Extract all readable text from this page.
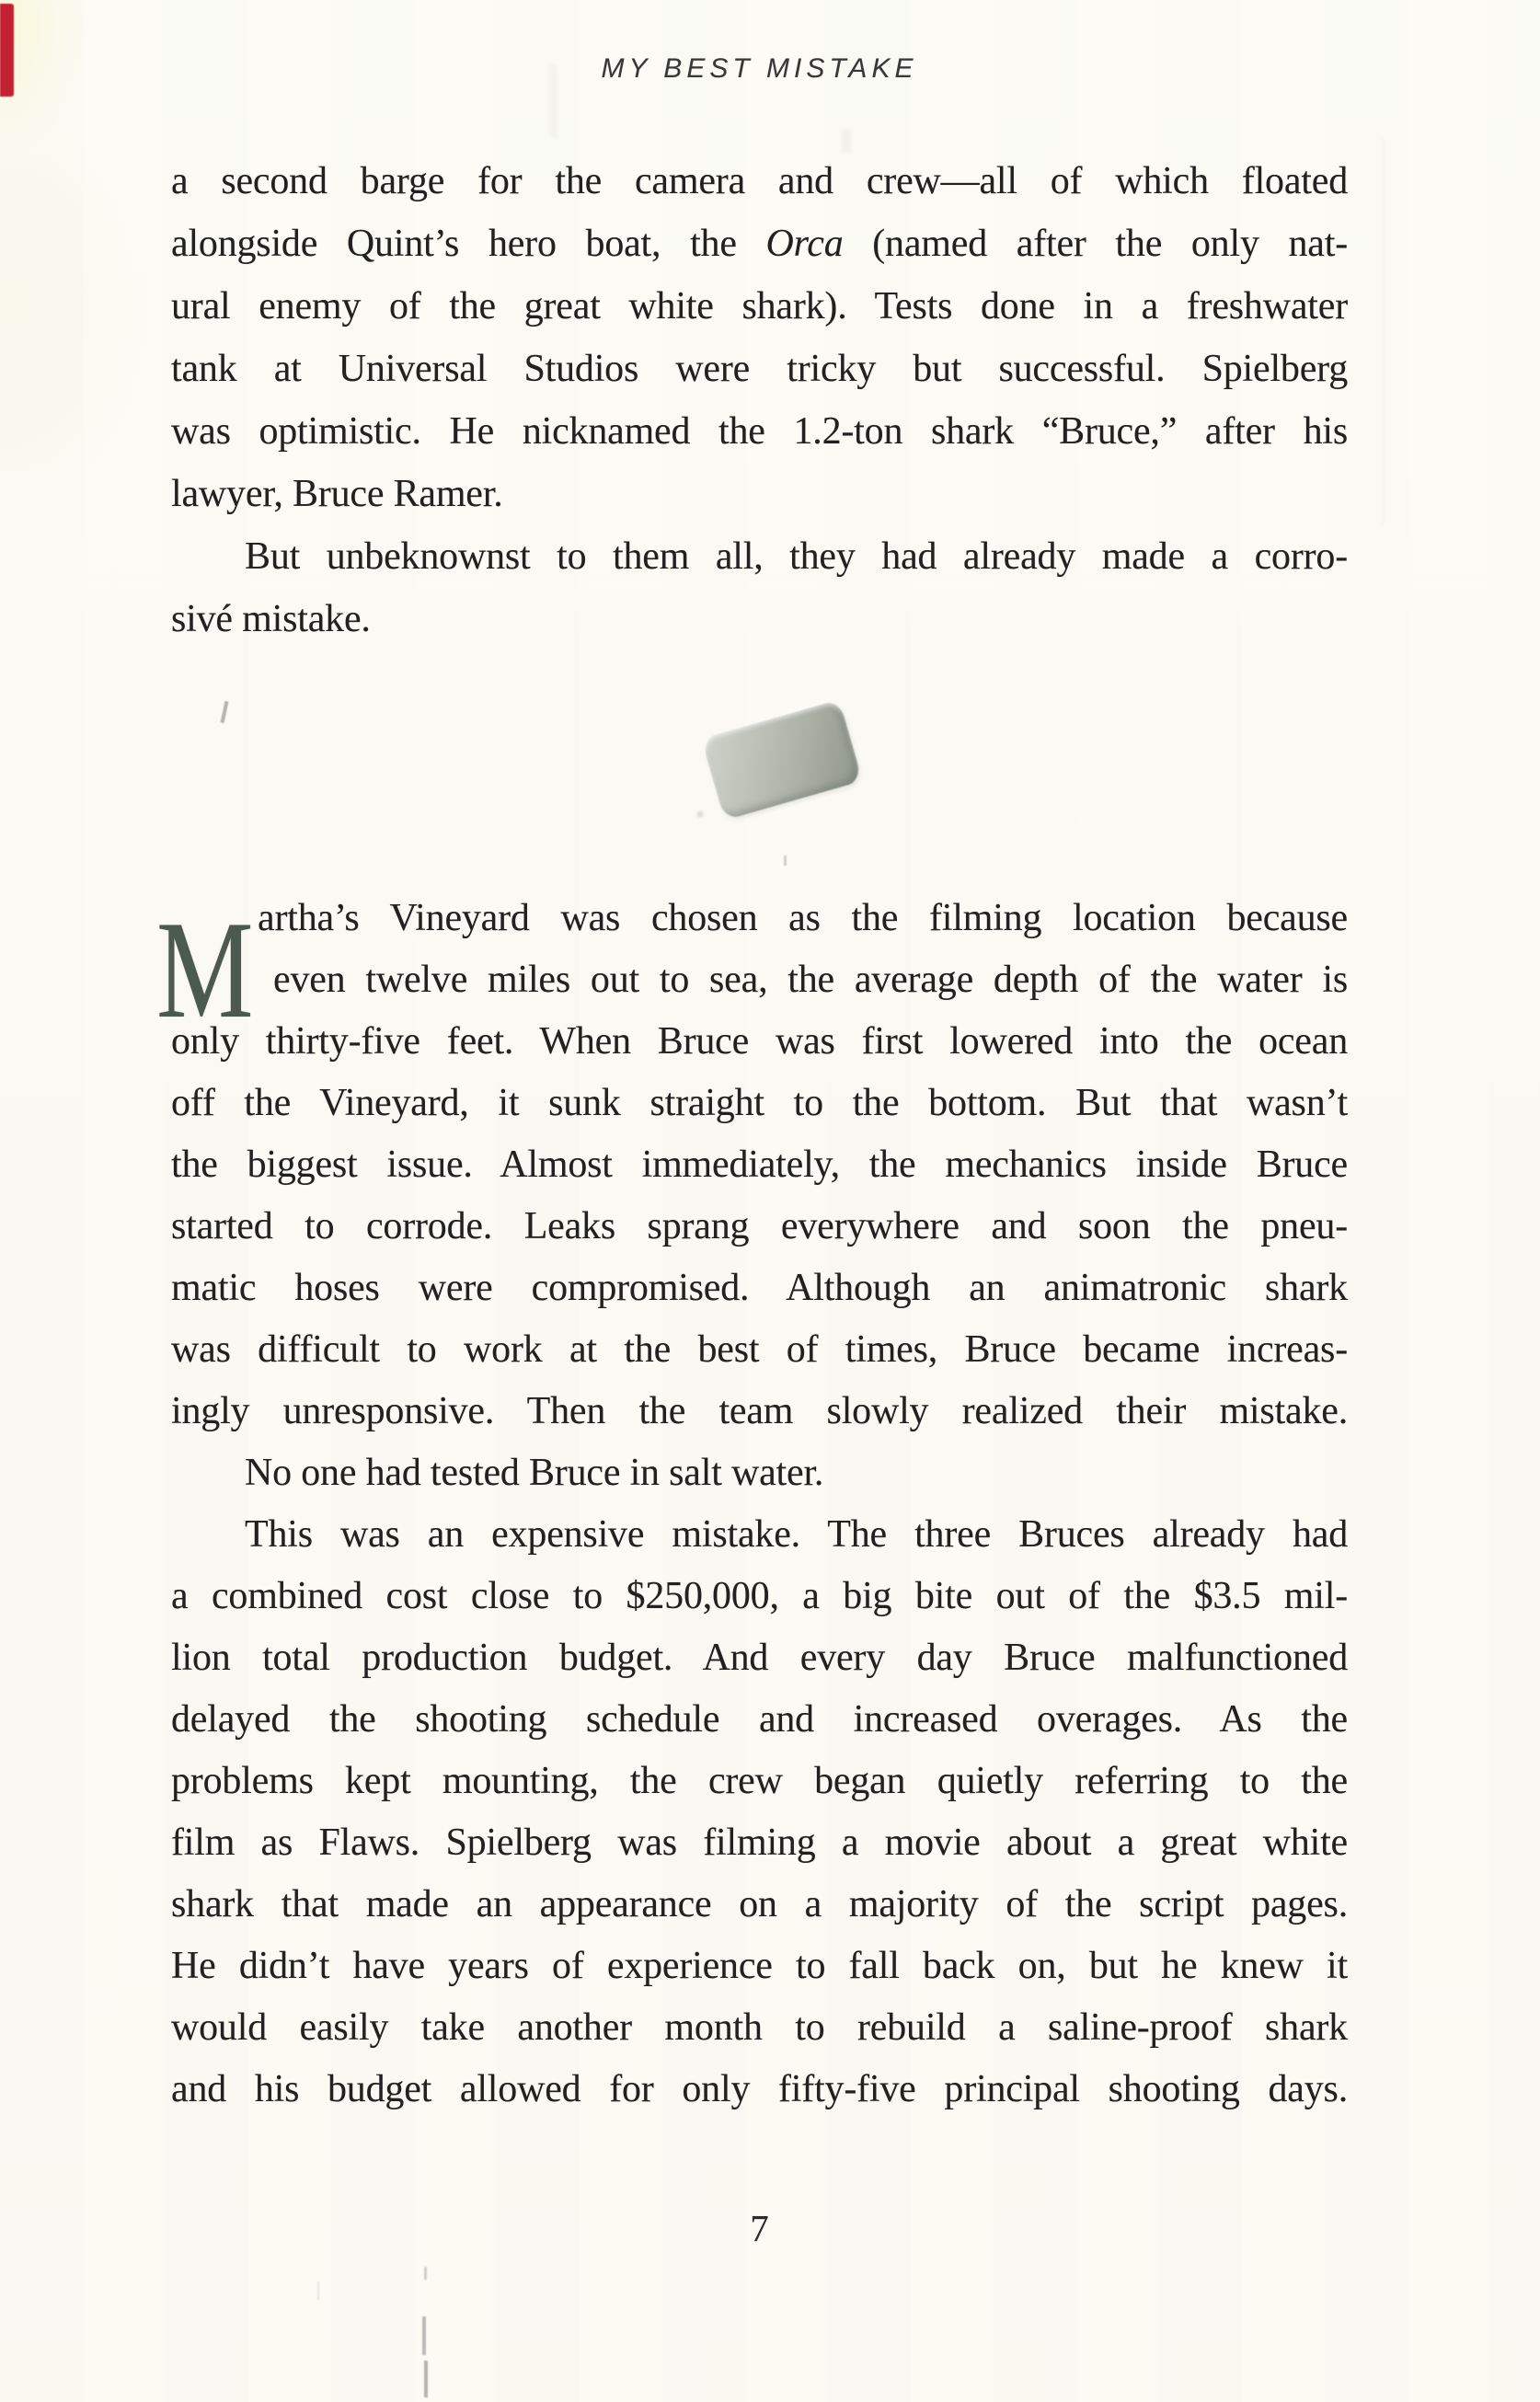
MY BEST MISTAKE
a second barge for the camera and crew—all of which floated
alongside Quint’s hero boat, the Orca (named after the only nat-
ural enemy of the great white shark). Tests done in a freshwater
tank at Universal Studios were tricky but successful. Spielberg
was optimistic. He nicknamed the 1.2-ton shark “Bruce,” after his
lawyer, Bruce Ramer.
But unbeknownst to them all, they had already made a corro-
sivé mistake.
M artha’s Vineyard was chosen as the filming location because
even twelve miles out to sea, the average depth of the water is
only thirty-five feet. When Bruce was first lowered into the ocean
off the Vineyard, it sunk straight to the bottom. But that wasn’t
the biggest issue. Almost immediately, the mechanics inside Bruce
started to corrode. Leaks sprang everywhere and soon the pneu-
matic hoses were compromised. Although an animatronic shark
was difficult to work at the best of times, Bruce became increas-
ingly unresponsive. Then the team slowly realized their mistake.
No one had tested Bruce in salt water.
This was an expensive mistake. The three Bruces already had
a combined cost close to $250,000, a big bite out of the $3.5 mil-
lion total production budget. And every day Bruce malfunctioned
delayed the shooting schedule and increased overages. As the
problems kept mounting, the crew began quietly referring to the
film as Flaws. Spielberg was filming a movie about a great white
shark that made an appearance on a majority of the script pages.
He didn’t have years of experience to fall back on, but he knew it
would easily take another month to rebuild a saline-proof shark
and his budget allowed for only fifty-five principal shooting days.
7
